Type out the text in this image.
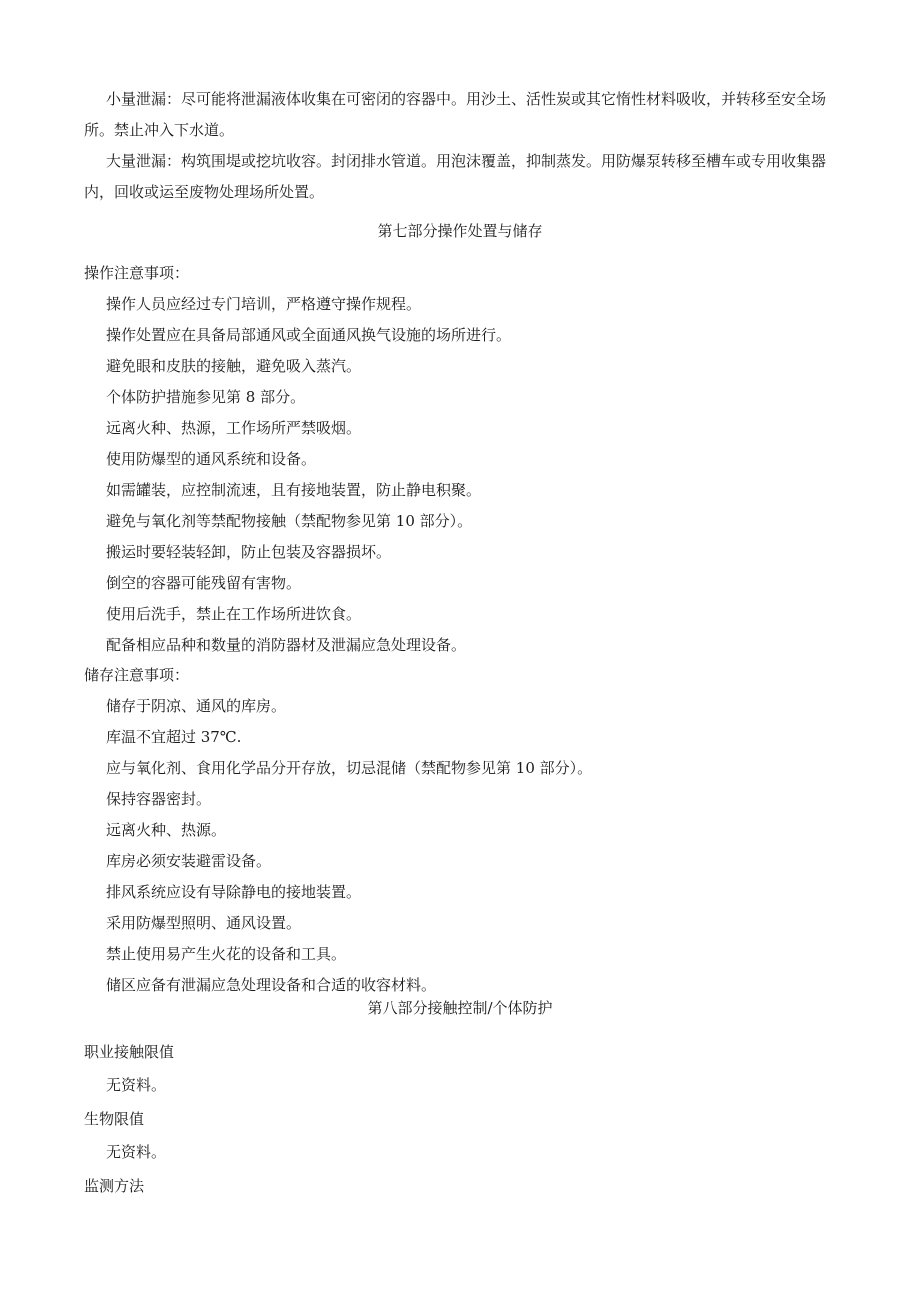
小量泄漏：尽可能将泄漏液体收集在可密闭的容器中。用沙土、活性炭或其它惰性材料吸收，并转移至安全场所。禁止冲入下水道。

大量泄漏：构筑围堤或挖坑收容。封闭排水管道。用泡沫覆盖，抑制蒸发。用防爆泵转移至槽车或专用收集器内，回收或运至废物处理场所处置。

第七部分操作处置与储存

操作注意事项：

操作人员应经过专门培训，严格遵守操作规程。
操作处置应在具备局部通风或全面通风换气设施的场所进行。
避免眼和皮肤的接触，避免吸入蒸汽。
个体防护措施参见第 8 部分。
远离火种、热源，工作场所严禁吸烟。
使用防爆型的通风系统和设备。
如需罐装，应控制流速，且有接地装置，防止静电积聚。
避免与氧化剂等禁配物接触（禁配物参见第 10 部分）。
搬运时要轻装轻卸，防止包装及容器损坏。
倒空的容器可能残留有害物。
使用后洗手，禁止在工作场所进饮食。
配备相应品种和数量的消防器材及泄漏应急处理设备。

储存注意事项：

储存于阴凉、通风的库房。
库温不宜超过 37℃.
应与氧化剂、食用化学品分开存放，切忌混储（禁配物参见第 10 部分）。
保持容器密封。
远离火种、热源。
库房必须安装避雷设备。
排风系统应设有导除静电的接地装置。
采用防爆型照明、通风设置。
禁止使用易产生火花的设备和工具。
储区应备有泄漏应急处理设备和合适的收容材料。

第八部分接触控制/个体防护

职业接触限值

无资料。

生物限值

无资料。

监测方法
